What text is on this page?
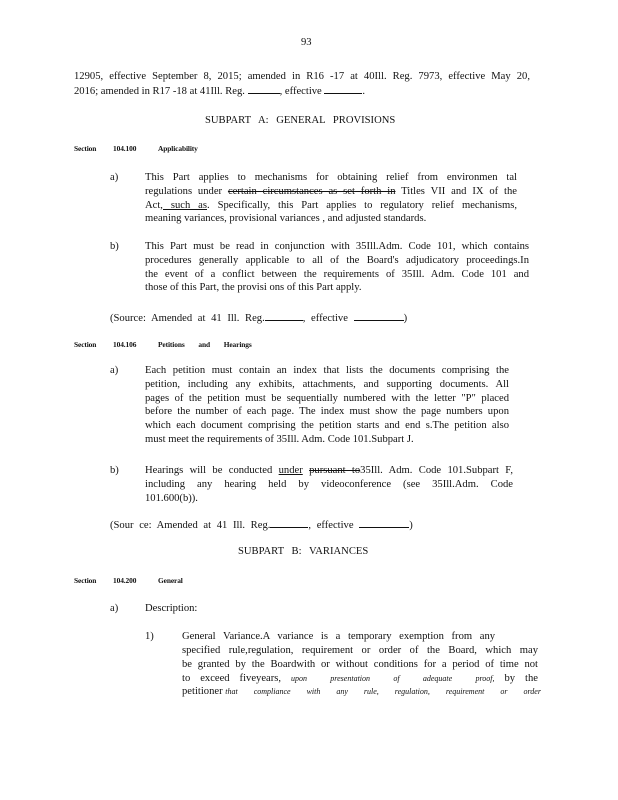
93
12905, effective September 8, 2015; amended in R16 -17 at 40Ill. Reg. 7973, effective May 20,
2016; amended in R17 -18 at 41Ill. Reg.	, effective	.
SUBPART A: GENERAL PROVISIONS
Section 104.100	Applicability
a)	This Part applies to mechanisms for obtaining relief from environmen tal
regulations under certain circumstances as set forth in Titles VII and IX of the
Act, such as. Specifically, this Part applies to regulatory relief mechanisms,
meaning variances, provisional variances , and adjusted standards.
b) This Part must be read in conjunction with 35Ill.Adm. Code 101, which contains
procedures generally applicable to all of the Board's adjudicatory proceedings.In
the event of a conflict between the requirements of 35Ill. Adm. Code 101 and
those of this Part, the provisi ons of this Part apply.
(Source: Amended at 41 Ill. Reg.	, effective	)
Section 104.106	Petitions and Hearings
a)	Each petition must contain an index that lists the documents comprising the
petition, including any exhibits, attachments, and supporting documents. All
pages of the petition must be sequentially numbered with the letter "P" placed
before the number of each page. The index must show the page numbers upon
which each document comprising the petition starts and end s.The petition also
must meet the requirements of 35Ill. Adm. Code 101.Subpart J.
b) Hearings will be conducted under pursuant to35Ill. Adm. Code 101.Subpart F,
including any hearing held by videoconference (see 35Ill.Adm. Code
101.600(b)).
(Sour ce: Amended at 41 Ill. Reg.	, effective	)
SUBPART B: VARIANCES
Section 104.200	General
a)	Description:
1)	General Variance.A variance is a temporary exemption from any
specified rule,regulation, requirement or order of the Board, which may
be granted by the Boardwith or without conditions for a period of time not
to exceed fiveyears, upon presentation of adequate proof, by the
petitioner that compliance with any rule, regulation, requirement or order
